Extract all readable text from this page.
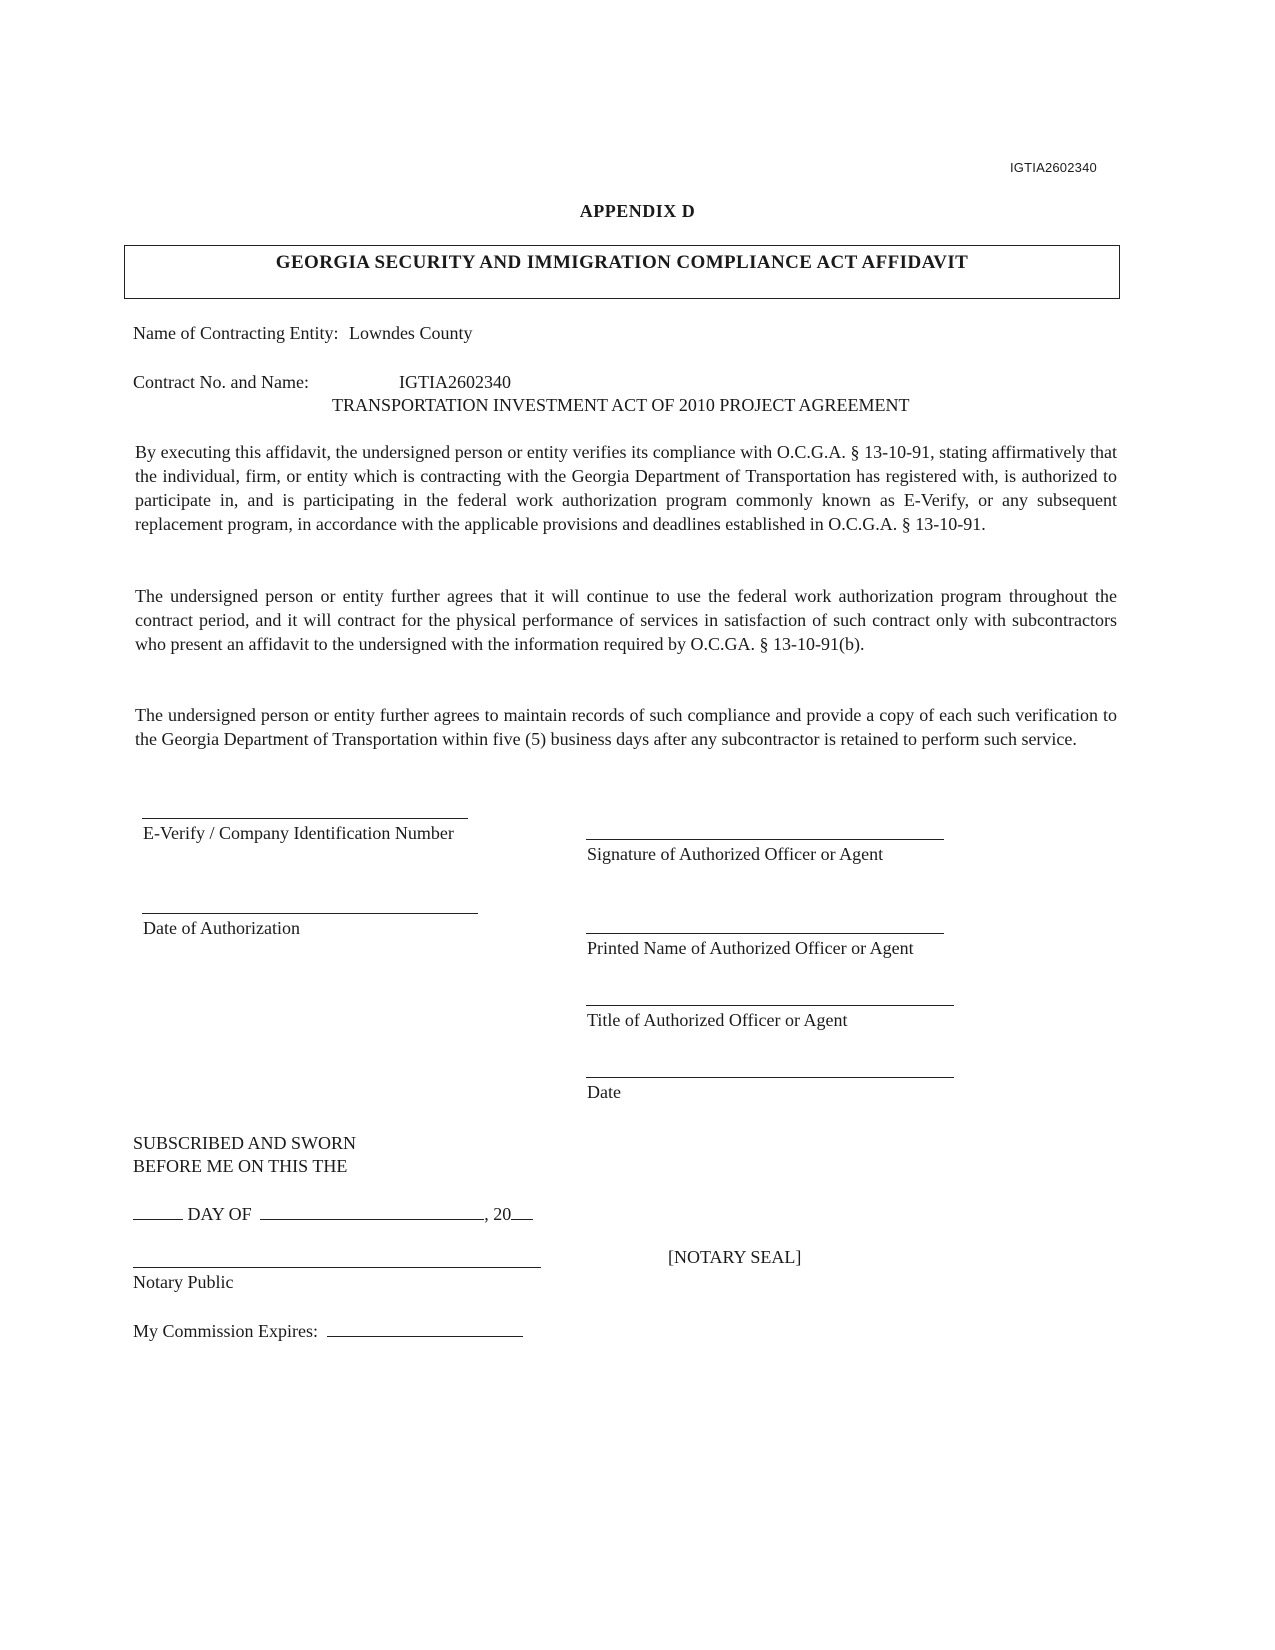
IGTIA2602340
APPENDIX D
GEORGIA SECURITY AND IMMIGRATION COMPLIANCE ACT AFFIDAVIT
Name of Contracting Entity: Lowndes County
Contract No. and Name:	IGTIA2602340
TRANSPORTATION INVESTMENT ACT OF 2010 PROJECT AGREEMENT
By executing this affidavit, the undersigned person or entity verifies its compliance with O.C.G.A. § 13-10-91, stating affirmatively that the individual, firm, or entity which is contracting with the Georgia Department of Transportation has registered with, is authorized to participate in, and is participating in the federal work authorization program commonly known as E-Verify, or any subsequent replacement program, in accordance with the applicable provisions and deadlines established in O.C.G.A. § 13-10-91.
The undersigned person or entity further agrees that it will continue to use the federal work authorization program throughout the contract period, and it will contract for the physical performance of services in satisfaction of such contract only with subcontractors who present an affidavit to the undersigned with the information required by O.C.GA. § 13-10-91(b).
The undersigned person or entity further agrees to maintain records of such compliance and provide a copy of each such verification to the Georgia Department of Transportation within five (5) business days after any subcontractor is retained to perform such service.
E-Verify / Company Identification Number
Date of Authorization
Signature of Authorized Officer or Agent
Printed Name of Authorized Officer or Agent
Title of Authorized Officer or Agent
Date
SUBSCRIBED AND SWORN
BEFORE ME ON THIS THE
DAY OF	, 20
Notary Public
[NOTARY SEAL]
My Commission Expires:
